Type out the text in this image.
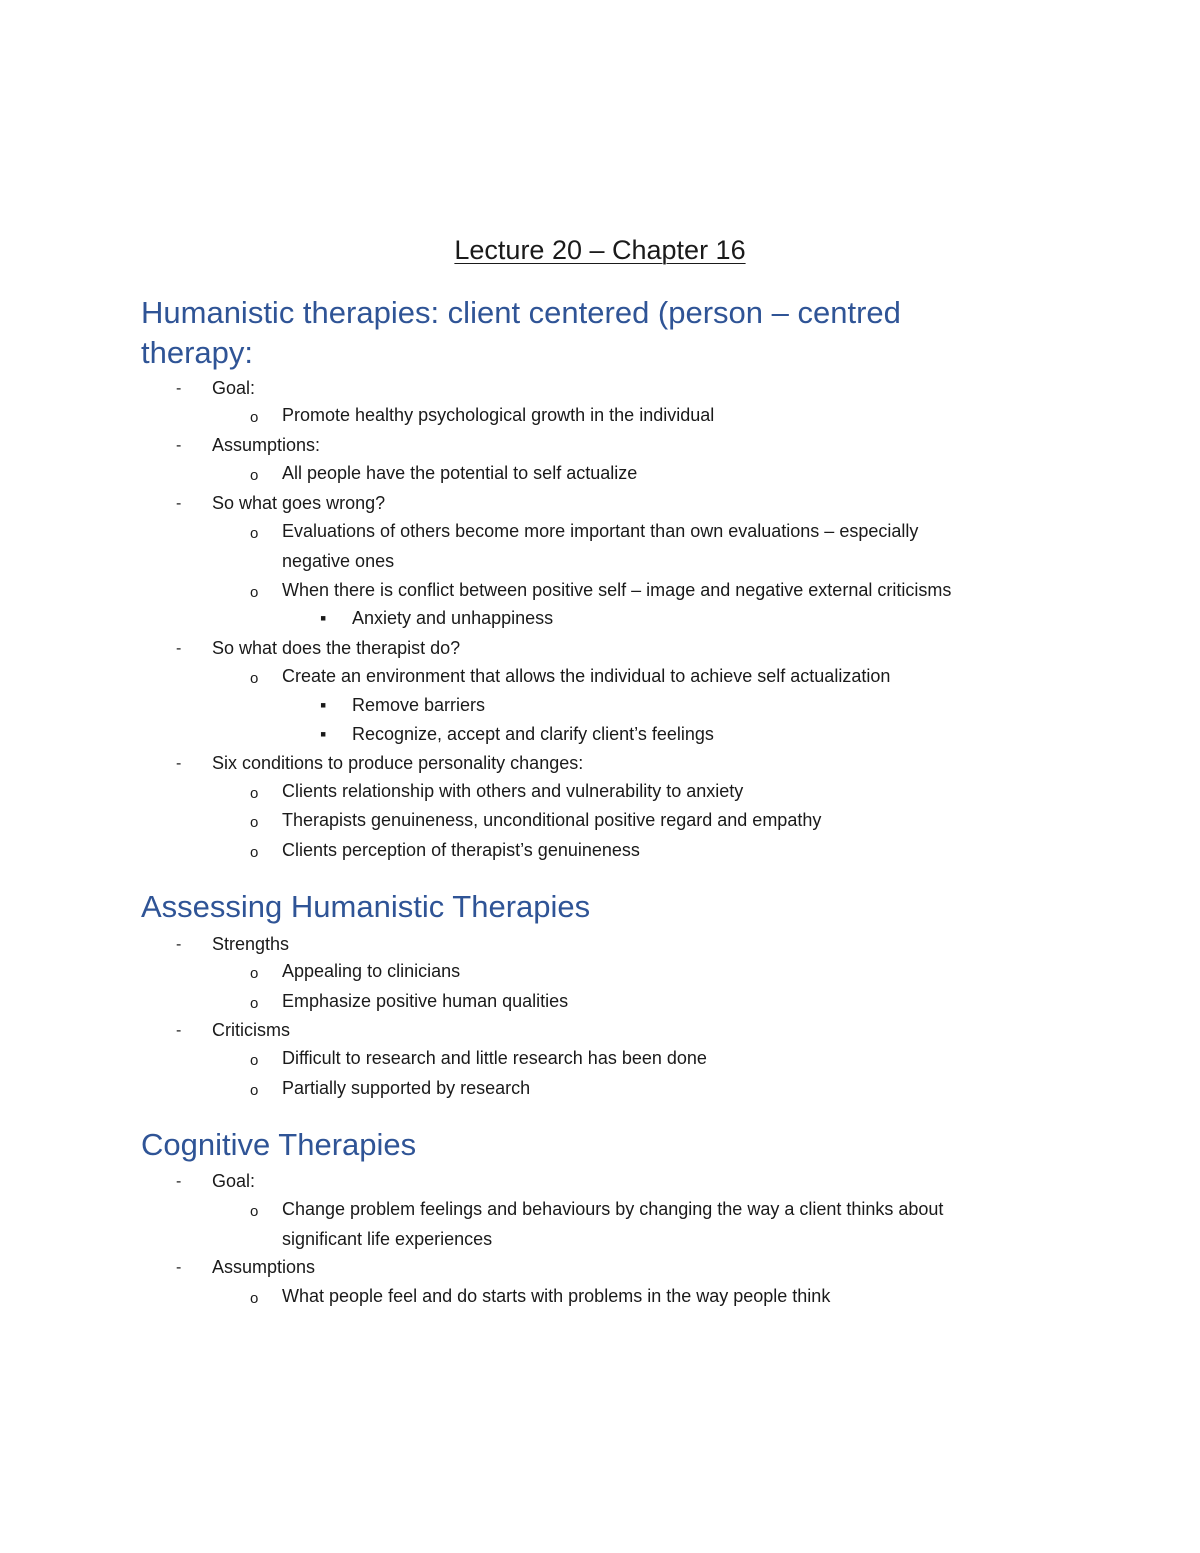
Lecture 20 – Chapter 16
Humanistic therapies: client centered (person – centred
therapy:
- Goal:
o Promote healthy psychological growth in the individual
- Assumptions:
o All people have the potential to self actualize
- So what goes wrong?
o Evaluations of others become more important than own evaluations – especially
negative ones
o When there is conflict between positive self – image and negative external criticisms
▪ Anxiety and unhappiness
- So what does the therapist do?
o Create an environment that allows the individual to achieve self actualization
▪ Remove barriers
▪ Recognize, accept and clarify client’s feelings
- Six conditions to produce personality changes:
o Clients relationship with others and vulnerability to anxiety
o Therapists genuineness, unconditional positive regard and empathy
o Clients perception of therapist’s genuineness
Assessing Humanistic Therapies
- Strengths
o Appealing to clinicians
o Emphasize positive human qualities
- Criticisms
o Difficult to research and little research has been done
o Partially supported by research
Cognitive Therapies
- Goal:
o Change problem feelings and behaviours by changing the way a client thinks about
significant life experiences
- Assumptions
o What people feel and do starts with problems in the way people think
